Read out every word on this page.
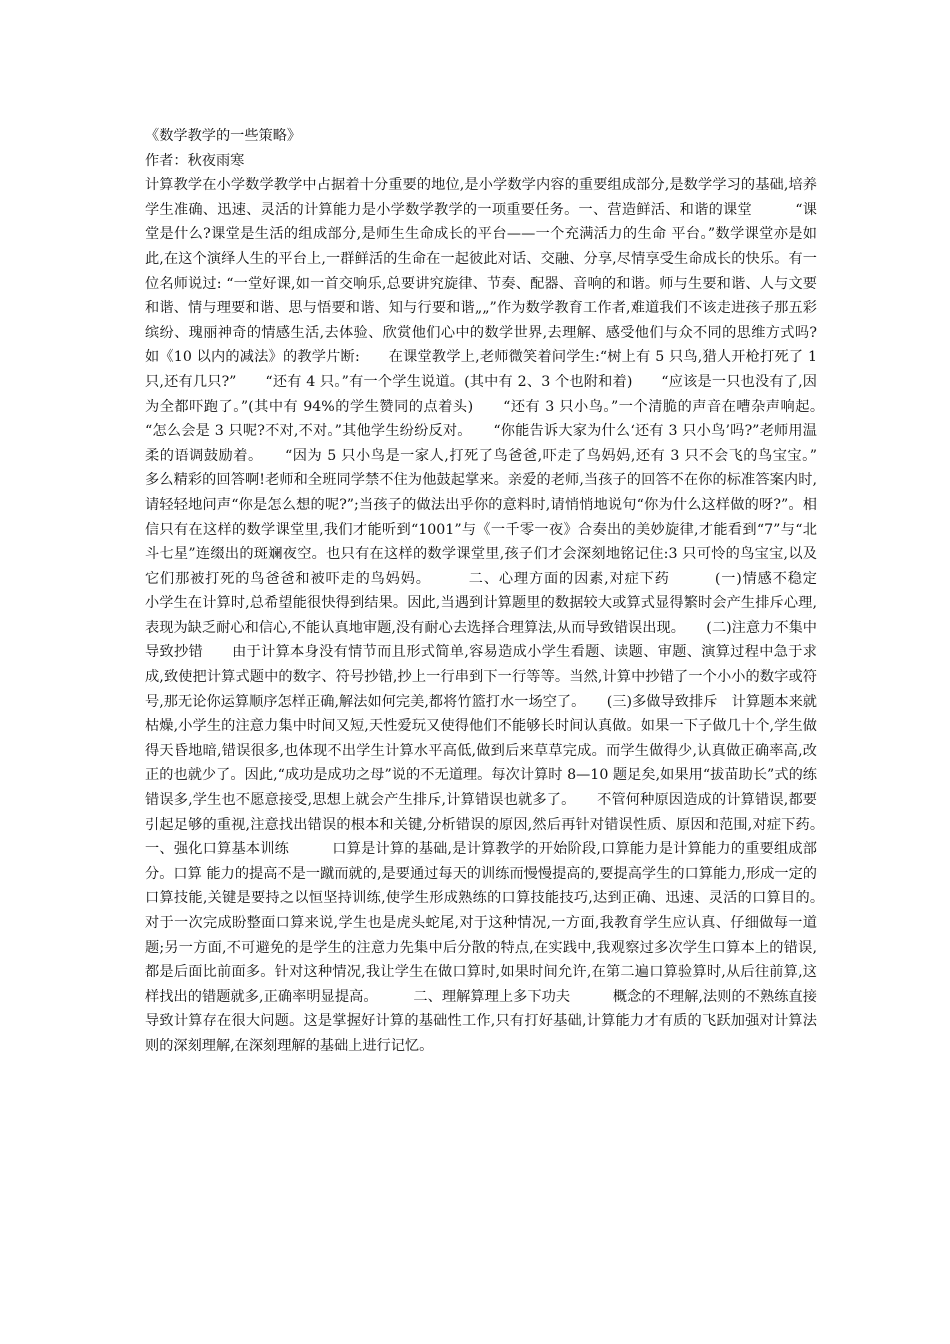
《数学教学的一些策略》
作者：秋夜雨寒
计算教学在小学数学教学中占据着十分重要的地位,是小学数学内容的重要组成部分,是数学学习的基础,培养学生准确、迅速、灵活的计算能力是小学数学教学的一项重要任务。一、营造鲜活、和谐的课堂　　　“课堂是什么?课堂是生活的组成部分,是师生生命成长的平台——一个充满活力的生命 平台。”数学课堂亦是如此,在这个演绎人生的平台上,一群鲜活的生命在一起彼此对话、交融、分享,尽情享受生命成长的快乐。有一位名师说过: “一堂好课,如一首交响乐,总要讲究旋律、节奏、配器、音响的和谐。师与生要和谐、人与文要和谐、情与理要和谐、思与悟要和谐、知与行要和谐„„”作为数学教育工作者,难道我们不该走进孩子那五彩缤纷、瑰丽神奇的情感生活,去体验、欣赏他们心中的数学世界,去理解、感受他们与众不同的思维方式吗?　　如《10 以内的减法》的教学片断:　　在课堂教学上,老师微笑着问学生:“树上有 5 只鸟,猎人开枪打死了 1 只,还有几只?”　　“还有 4 只。”有一个学生说道。(其中有 2、3 个也附和着)　　“应该是一只也没有了,因为全都吓跑了。”(其中有 94%的学生赞同的点着头)　　“还有 3 只小鸟。”一个清脆的声音在嘈杂声响起。　　“怎么会是 3 只呢?不对,不对。”其他学生纷纷反对。　　“你能告诉大家为什么‘还有 3 只小鸟’吗?”老师用温柔的语调鼓励着。　　“因为 5 只小鸟是一家人,打死了鸟爸爸,吓走了鸟妈妈,还有 3 只不会飞的鸟宝宝。”　　多么精彩的回答啊!老师和全班同学禁不住为他鼓起掌来。亲爱的老师,当孩子的回答不在你的标准答案内时,请轻轻地问声“你是怎么想的呢?”;当孩子的做法出乎你的意料时,请悄悄地说句“你为什么这样做的呀?”。相信只有在这样的数学课堂里,我们才能听到“1001”与《一千零一夜》合奏出的美妙旋律,才能看到“7”与“北斗七星”连缀出的斑斓夜空。也只有在这样的数学课堂里,孩子们才会深刻地铭记住:3 只可怜的鸟宝宝,以及它们那被打死的鸟爸爸和被吓走的鸟妈妈。　　　二、心理方面的因素,对症下药　　　(一)情感不稳定　　小学生在计算时,总希望能很快得到结果。因此,当遇到计算题里的数据较大或算式显得繁时会产生排斥心理,表现为缺乏耐心和信心,不能认真地审题,没有耐心去选择合理算法,从而导致错误出现。　　(二)注意力不集中导致抄错　　由于计算本身没有情节而且形式简单,容易造成小学生看题、读题、审题、演算过程中急于求成,致使把计算式题中的数字、符号抄错,抄上一行串到下一行等等。当然,计算中抄错了一个小小的数字或符号,那无论你运算顺序怎样正确,解法如何完美,都将竹篮打水一场空了。　　(三)多做导致排斥　计算题本来就枯燥,小学生的注意力集中时间又短,天性爱玩又使得他们不能够长时间认真做。如果一下子做几十个,学生做得天昏地暗,错误很多,也体现不出学生计算水平高低,做到后来草草完成。而学生做得少,认真做正确率高,改正的也就少了。因此,“成功是成功之母”说的不无道理。每次计算时 8—10 题足矣,如果用“拔苗助长”式的练错误多,学生也不愿意接受,思想上就会产生排斥,计算错误也就多了。　　不管何种原因造成的计算错误,都要引起足够的重视,注意找出错误的根本和关键,分析错误的原因,然后再针对错误性质、原因和范围,对症下药。　　一、强化口算基本训练　　　口算是计算的基础,是计算教学的开始阶段,口算能力是计算能力的重要组成部分。口算 能力的提高不是一蹴而就的,是要通过每天的训练而慢慢提高的,要提高学生的口算能力,形成一定的口算技能,关键是要持之以恒坚持训练,使学生形成熟练的口算技能技巧,达到正确、迅速、灵活的口算目的。　　对于一次完成盼整面口算来说,学生也是虎头蛇尾,对于这种情况,一方面,我教育学生应认真、仔细做每一道题;另一方面,不可避免的是学生的注意力先集中后分散的特点,在实践中,我观察过多次学生口算本上的错误,都是后面比前面多。针对这种情况,我让学生在做口算时,如果时间允许,在第二遍口算验算时,从后往前算,这样找出的错题就多,正确率明显提高。　　　二、理解算理上多下功夫　　　概念的不理解,法则的不熟练直接导致计算存在很大问题。这是掌握好计算的基础性工作,只有打好基础,计算能力才有质的飞跃加强对计算法则的深刻理解,在深刻理解的基础上进行记忆。
